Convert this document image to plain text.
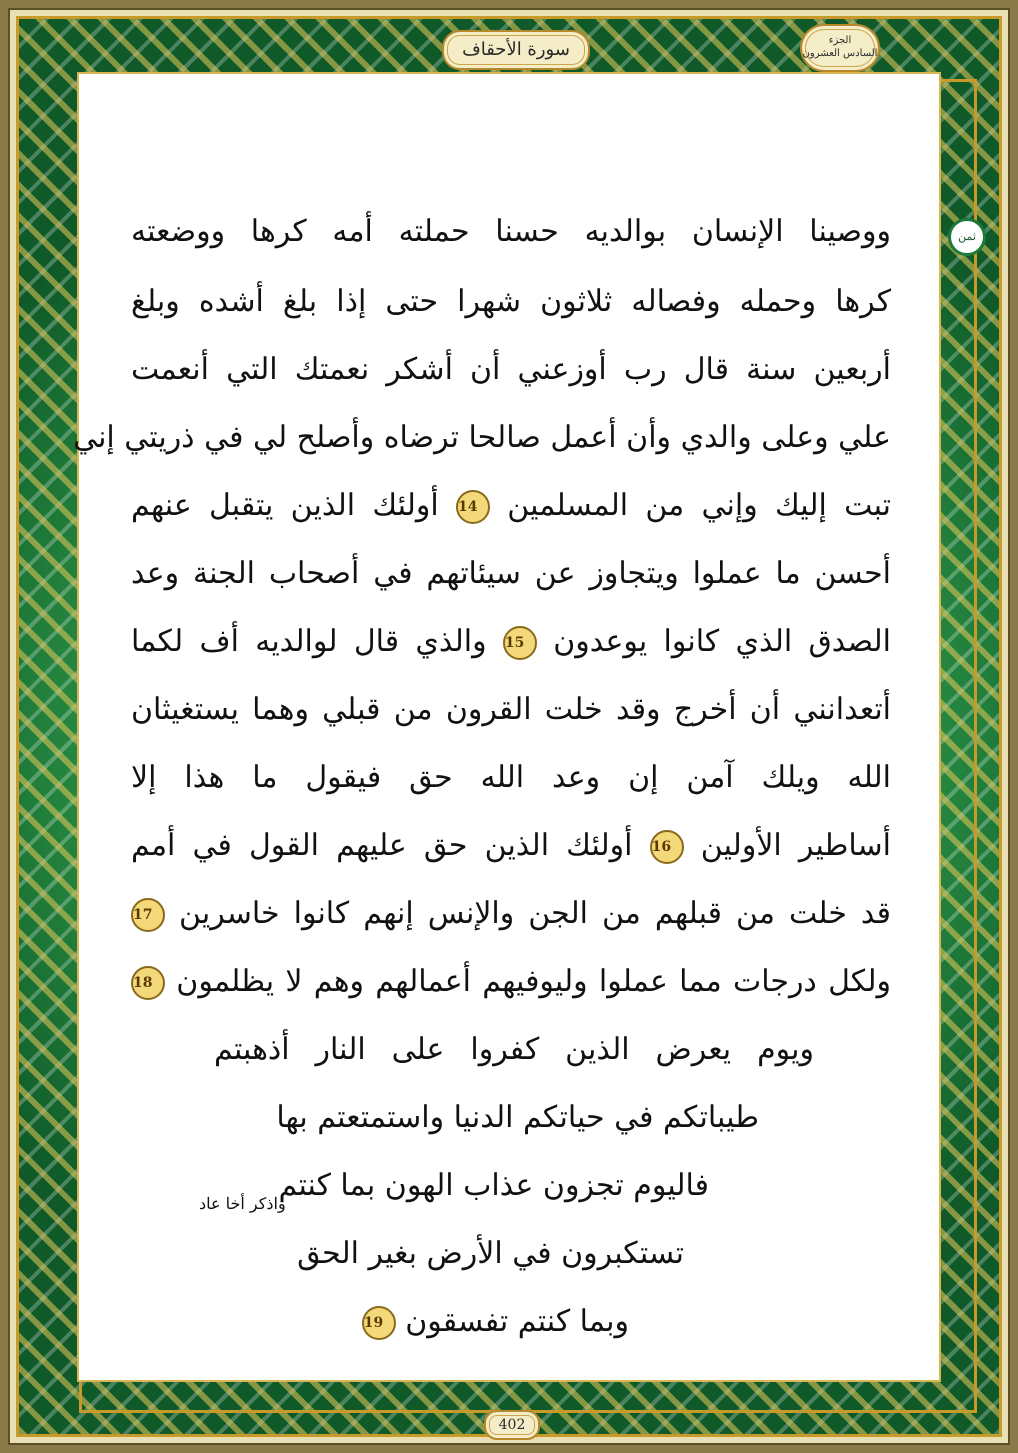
سورة الأحقاف	الجزء
السادس العشرون
ثمن
ووصينا الإنسان بوالديه حسنا حملته أمه كرها ووضعته
كرها وحمله وفصاله ثلاثون شهرا حتى إذا بلغ أشده وبلغ
أربعين سنة قال رب أوزعني أن أشكر نعمتك التي أنعمت
علي وعلى والدي وأن أعمل صالحا ترضاه وأصلح لي في ذريتي إني
تبت إليك وإني من المسلمين 14 أولئك الذين يتقبل عنهم
أحسن ما عملوا ويتجاوز عن سيئاتهم في أصحاب الجنة وعد
الصدق الذي كانوا يوعدون 15 والذي قال لوالديه أف لكما
أتعدانني أن أخرج وقد خلت القرون من قبلي وهما يستغيثان
الله ويلك آمن إن وعد الله حق فيقول ما هذا إلا
أساطير الأولين 16 أولئك الذين حق عليهم القول في أمم
قد خلت من قبلهم من الجن والإنس إنهم كانوا خاسرين 17
ولكل درجات مما عملوا وليوفيهم أعمالهم وهم لا يظلمون 18
ويوم يعرض الذين كفروا على النار أذهبتم
طيباتكم في حياتكم الدنيا واستمتعتم بها
فاليوم تجزون عذاب الهون بما كنتم
تستكبرون في الأرض بغير الحق
وبما كنتم تفسقون 19
واذكر أخا عاد
402
